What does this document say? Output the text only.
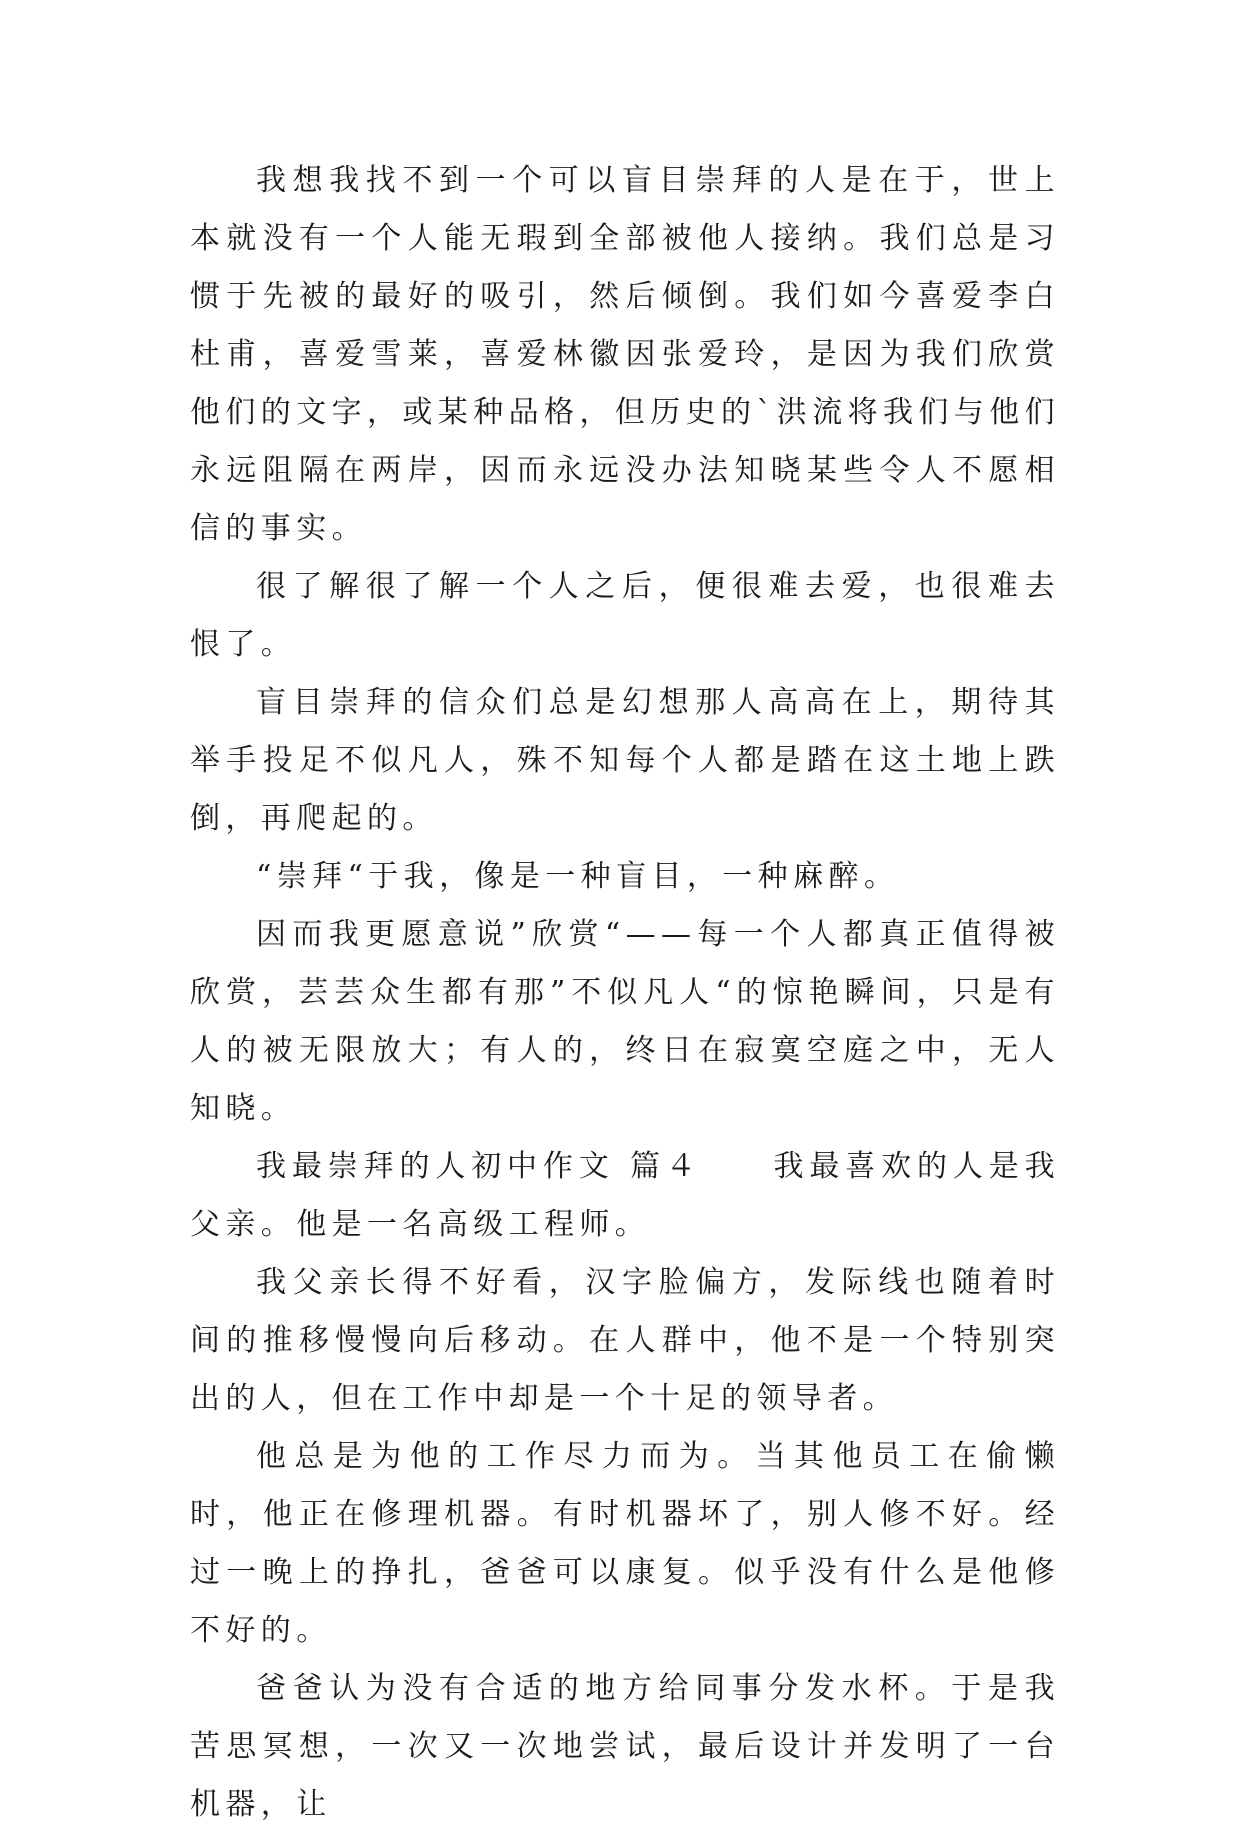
我想我找不到一个可以盲目崇拜的人是在于，世上本就没有一个人能无瑕到全部被他人接纳。我们总是习惯于先被的最好的吸引，然后倾倒。我们如今喜爱李白杜甫，喜爱雪莱，喜爱林徽因张爱玲，是因为我们欣赏他们的文字，或某种品格，但历史的`洪流将我们与他们永远阻隔在两岸，因而永远没办法知晓某些令人不愿相信的事实。

很了解很了解一个人之后，便很难去爱，也很难去恨了。

盲目崇拜的信众们总是幻想那人高高在上，期待其举手投足不似凡人，殊不知每个人都是踏在这土地上跌倒，再爬起的。

“崇拜“于我，像是一种盲目，一种麻醉。

因而我更愿意说”欣赏“——每一个人都真正值得被欣赏，芸芸众生都有那”不似凡人“的惊艳瞬间，只是有人的被无限放大；有人的，终日在寂寞空庭之中，无人知晓。

我最崇拜的人初中作文 篇４　　我最喜欢的人是我父亲。他是一名高级工程师。

我父亲长得不好看，汉字脸偏方，发际线也随着时间的推移慢慢向后移动。在人群中，他不是一个特别突出的人，但在工作中却是一个十足的领导者。

他总是为他的工作尽力而为。当其他员工在偷懒时，他正在修理机器。有时机器坏了，别人修不好。经过一晚上的挣扎，爸爸可以康复。似乎没有什么是他修不好的。

爸爸认为没有合适的地方给同事分发水杯。于是我苦思冥想，一次又一次地尝试，最后设计并发明了一台机器，让
